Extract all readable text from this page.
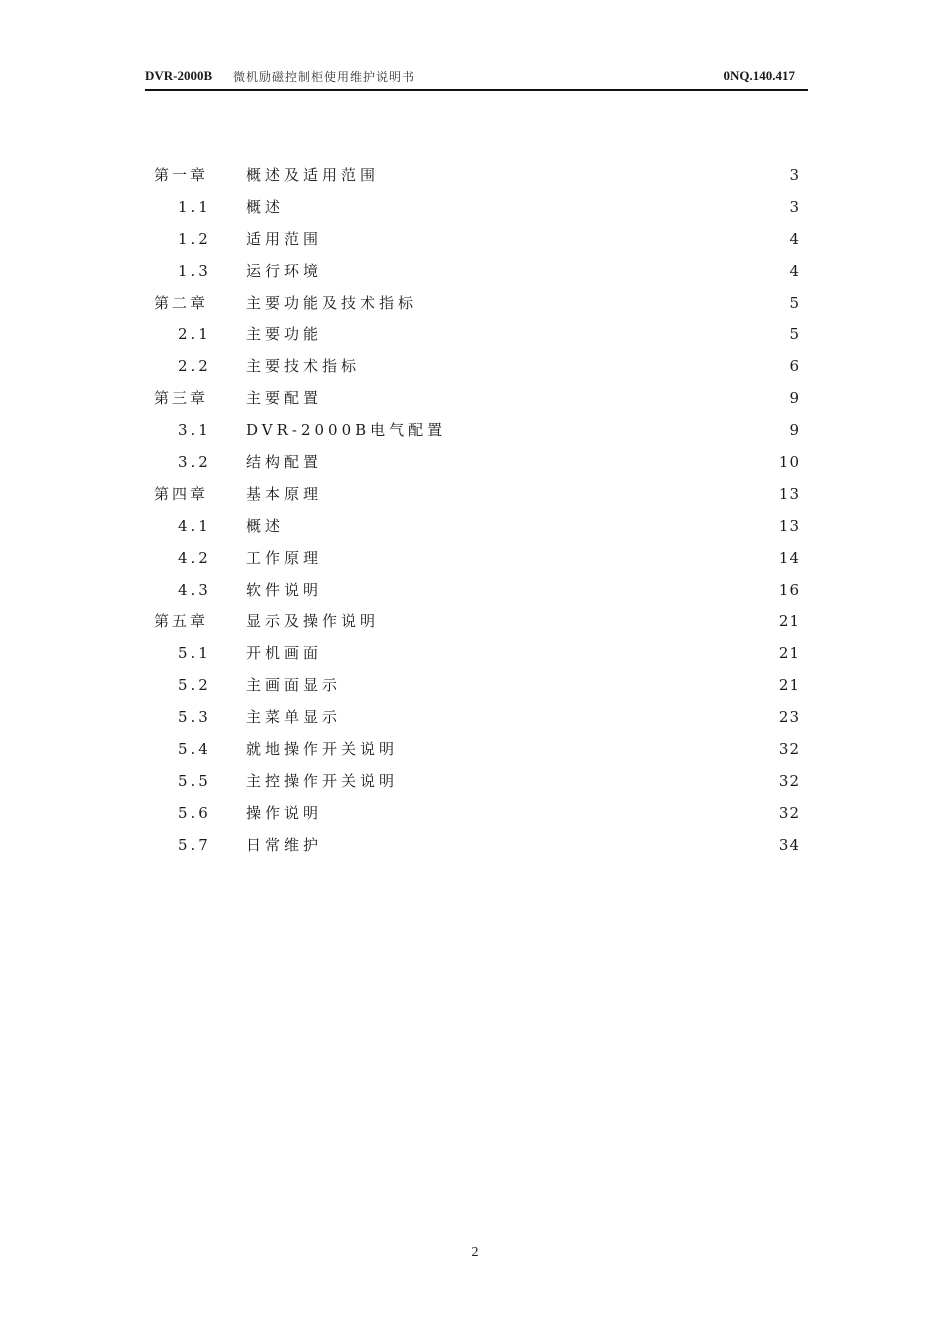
DVR-2000B 微机励磁控制柜使用维护说明书	0NQ.140.417
第一章	概述及适用范围	3
1.1 概述	3
1.2 适用范围	4
1.3 运行环境	4
第二章	主要功能及技术指标	5
2.1 主要功能	5
2.2 主要技术指标	6
第三章	主要配置	9
3.1 DVR-2000B电气配置	9
3.2 结构配置	10
第四章	基本原理	13
4.1 概述	13
4.2 工作原理	14
4.3 软件说明	16
第五章	显示及操作说明	21
5.1 开机画面	21
5.2 主画面显示	21
5.3 主菜单显示	23
5.4 就地操作开关说明	32
5.5 主控操作开关说明	32
5.6 操作说明	32
5.7 日常维护	34
2
